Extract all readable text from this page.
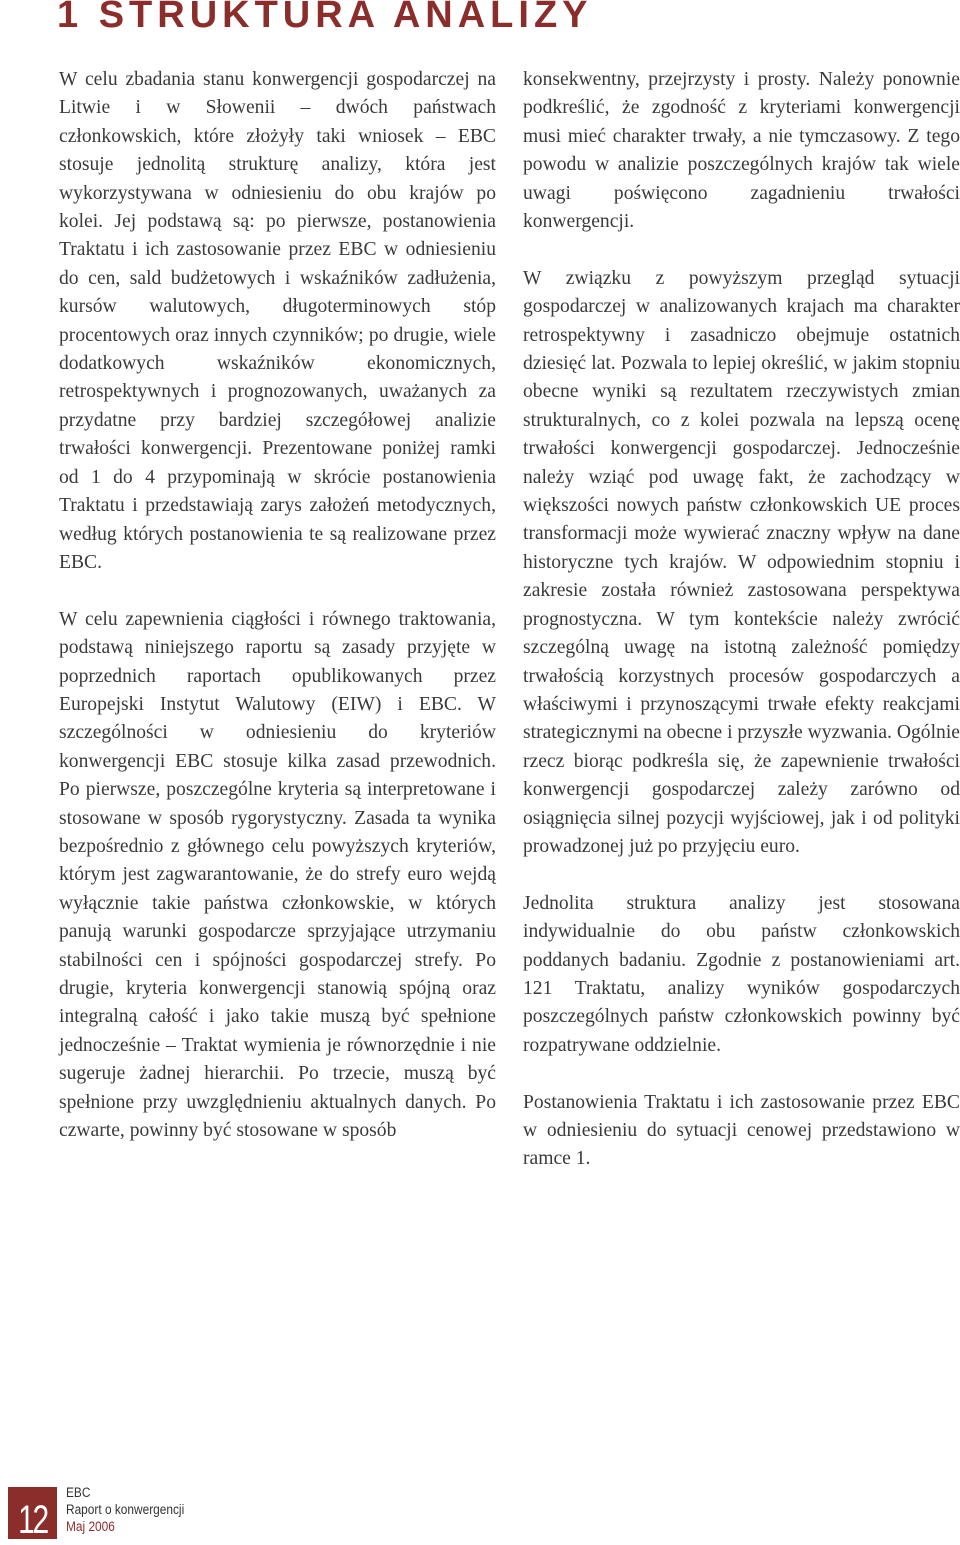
1 STRUKTURA ANALIZY

W celu zbadania stanu konwergencji gospodarczej na Litwie i w Słowenii – dwóch państwach członkowskich, które złożyły taki wniosek – EBC stosuje jednolitą strukturę analizy, która jest wykorzystywana w odniesieniu do obu krajów po kolei. Jej podstawą są: po pierwsze, postanowienia Traktatu i ich zastosowanie przez EBC w odniesieniu do cen, sald budżetowych i wskaźników zadłużenia, kursów walutowych, długoterminowych stóp procentowych oraz innych czynników; po drugie, wiele dodatkowych wskaźników ekonomicznych, retrospektywnych i prognozowanych, uważanych za przydatne przy bardziej szczegółowej analizie trwałości konwergencji. Prezentowane poniżej ramki od 1 do 4 przypominają w skrócie postanowienia Traktatu i przedstawiają zarys założeń metodycznych, według których postanowienia te są realizowane przez EBC.

W celu zapewnienia ciągłości i równego traktowania, podstawą niniejszego raportu są zasady przyjęte w poprzednich raportach opublikowanych przez Europejski Instytut Walutowy (EIW) i EBC. W szczególności w odniesieniu do kryteriów konwergencji EBC stosuje kilka zasad przewodnich. Po pierwsze, poszczególne kryteria są interpretowane i stosowane w sposób rygorystyczny. Zasada ta wynika bezpośrednio z głównego celu powyższych kryteriów, którym jest zagwarantowanie, że do strefy euro wejdą wyłącznie takie państwa członkowskie, w których panują warunki gospodarcze sprzyjające utrzymaniu stabilności cen i spójności gospodarczej strefy. Po drugie, kryteria konwergencji stanowią spójną oraz integralną całość i jako takie muszą być spełnione jednocześnie – Traktat wymienia je równorzędnie i nie sugeruje żadnej hierarchii. Po trzecie, muszą być spełnione przy uwzględnieniu aktualnych danych. Po czwarte, powinny być stosowane w sposób

konsekwentny, przejrzysty i prosty. Należy ponownie podkreślić, że zgodność z kryteriami konwergencji musi mieć charakter trwały, a nie tymczasowy. Z tego powodu w analizie poszczególnych krajów tak wiele uwagi poświęcono zagadnieniu trwałości konwergencji.

W związku z powyższym przegląd sytuacji gospodarczej w analizowanych krajach ma charakter retrospektywny i zasadniczo obejmuje ostatnich dziesięć lat. Pozwala to lepiej określić, w jakim stopniu obecne wyniki są rezultatem rzeczywistych zmian strukturalnych, co z kolei pozwala na lepszą ocenę trwałości konwergencji gospodarczej. Jednocześnie należy wziąć pod uwagę fakt, że zachodzący w większości nowych państw członkowskich UE proces transformacji może wywierać znaczny wpływ na dane historyczne tych krajów. W odpowiednim stopniu i zakresie została również zastosowana perspektywa prognostyczna. W tym kontekście należy zwrócić szczególną uwagę na istotną zależność pomiędzy trwałością korzystnych procesów gospodarczych a właściwymi i przynoszącymi trwałe efekty reakcjami strategicznymi na obecne i przyszłe wyzwania. Ogólnie rzecz biorąc podkreśla się, że zapewnienie trwałości konwergencji gospodarczej zależy zarówno od osiągnięcia silnej pozycji wyjściowej, jak i od polityki prowadzonej już po przyjęciu euro.

Jednolita struktura analizy jest stosowana indywidualnie do obu państw członkowskich poddanych badaniu. Zgodnie z postanowieniami art. 121 Traktatu, analizy wyników gospodarczych poszczególnych państw członkowskich powinny być rozpatrywane oddzielnie.

Postanowienia Traktatu i ich zastosowanie przez EBC w odniesieniu do sytuacji cenowej przedstawiono w ramce 1.

12
EBC
Raport o konwergencji
Maj 2006
